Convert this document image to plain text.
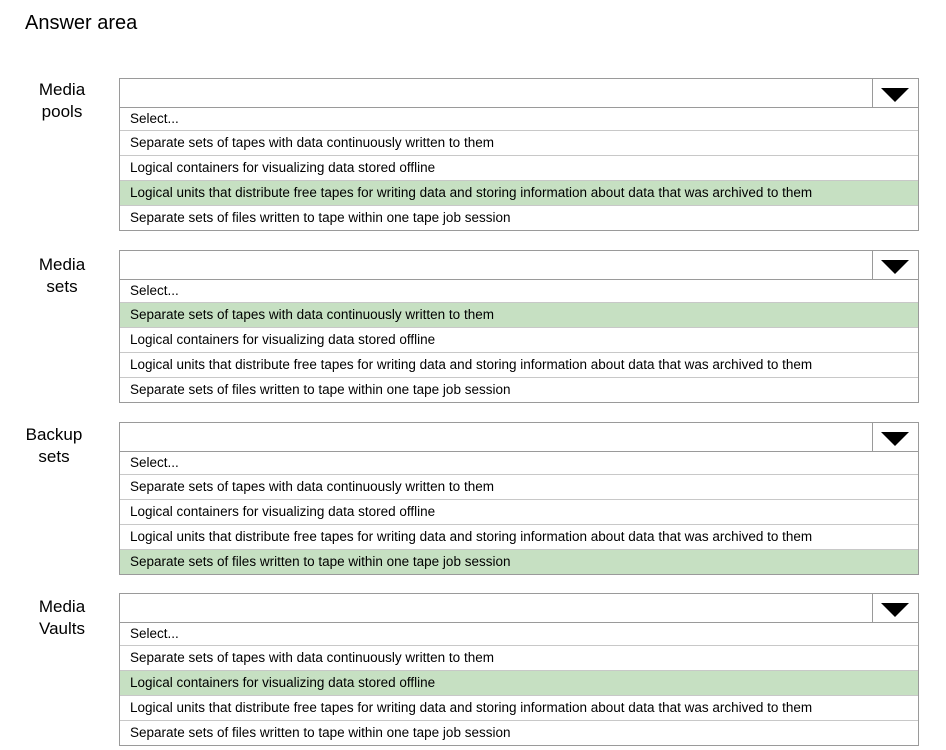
Answer area
Media
pools	Select...
Separate sets of tapes with data continuously written to them
Logical containers for visualizing data stored offline
Logical units that distribute free tapes for writing data and storing information about data that was archived to them
Separate sets of files written to tape within one tape job session
Media
sets	Select...
Separate sets of tapes with data continuously written to them
Logical containers for visualizing data stored offline
Logical units that distribute free tapes for writing data and storing information about data that was archived to them
Separate sets of files written to tape within one tape job session
Backup
sets	Select...
Separate sets of tapes with data continuously written to them
Logical containers for visualizing data stored offline
Logical units that distribute free tapes for writing data and storing information about data that was archived to them
Separate sets of files written to tape within one tape job session
Media
Vaults	Select...
Separate sets of tapes with data continuously written to them
Logical containers for visualizing data stored offline
Logical units that distribute free tapes for writing data and storing information about data that was archived to them
Separate sets of files written to tape within one tape job session
